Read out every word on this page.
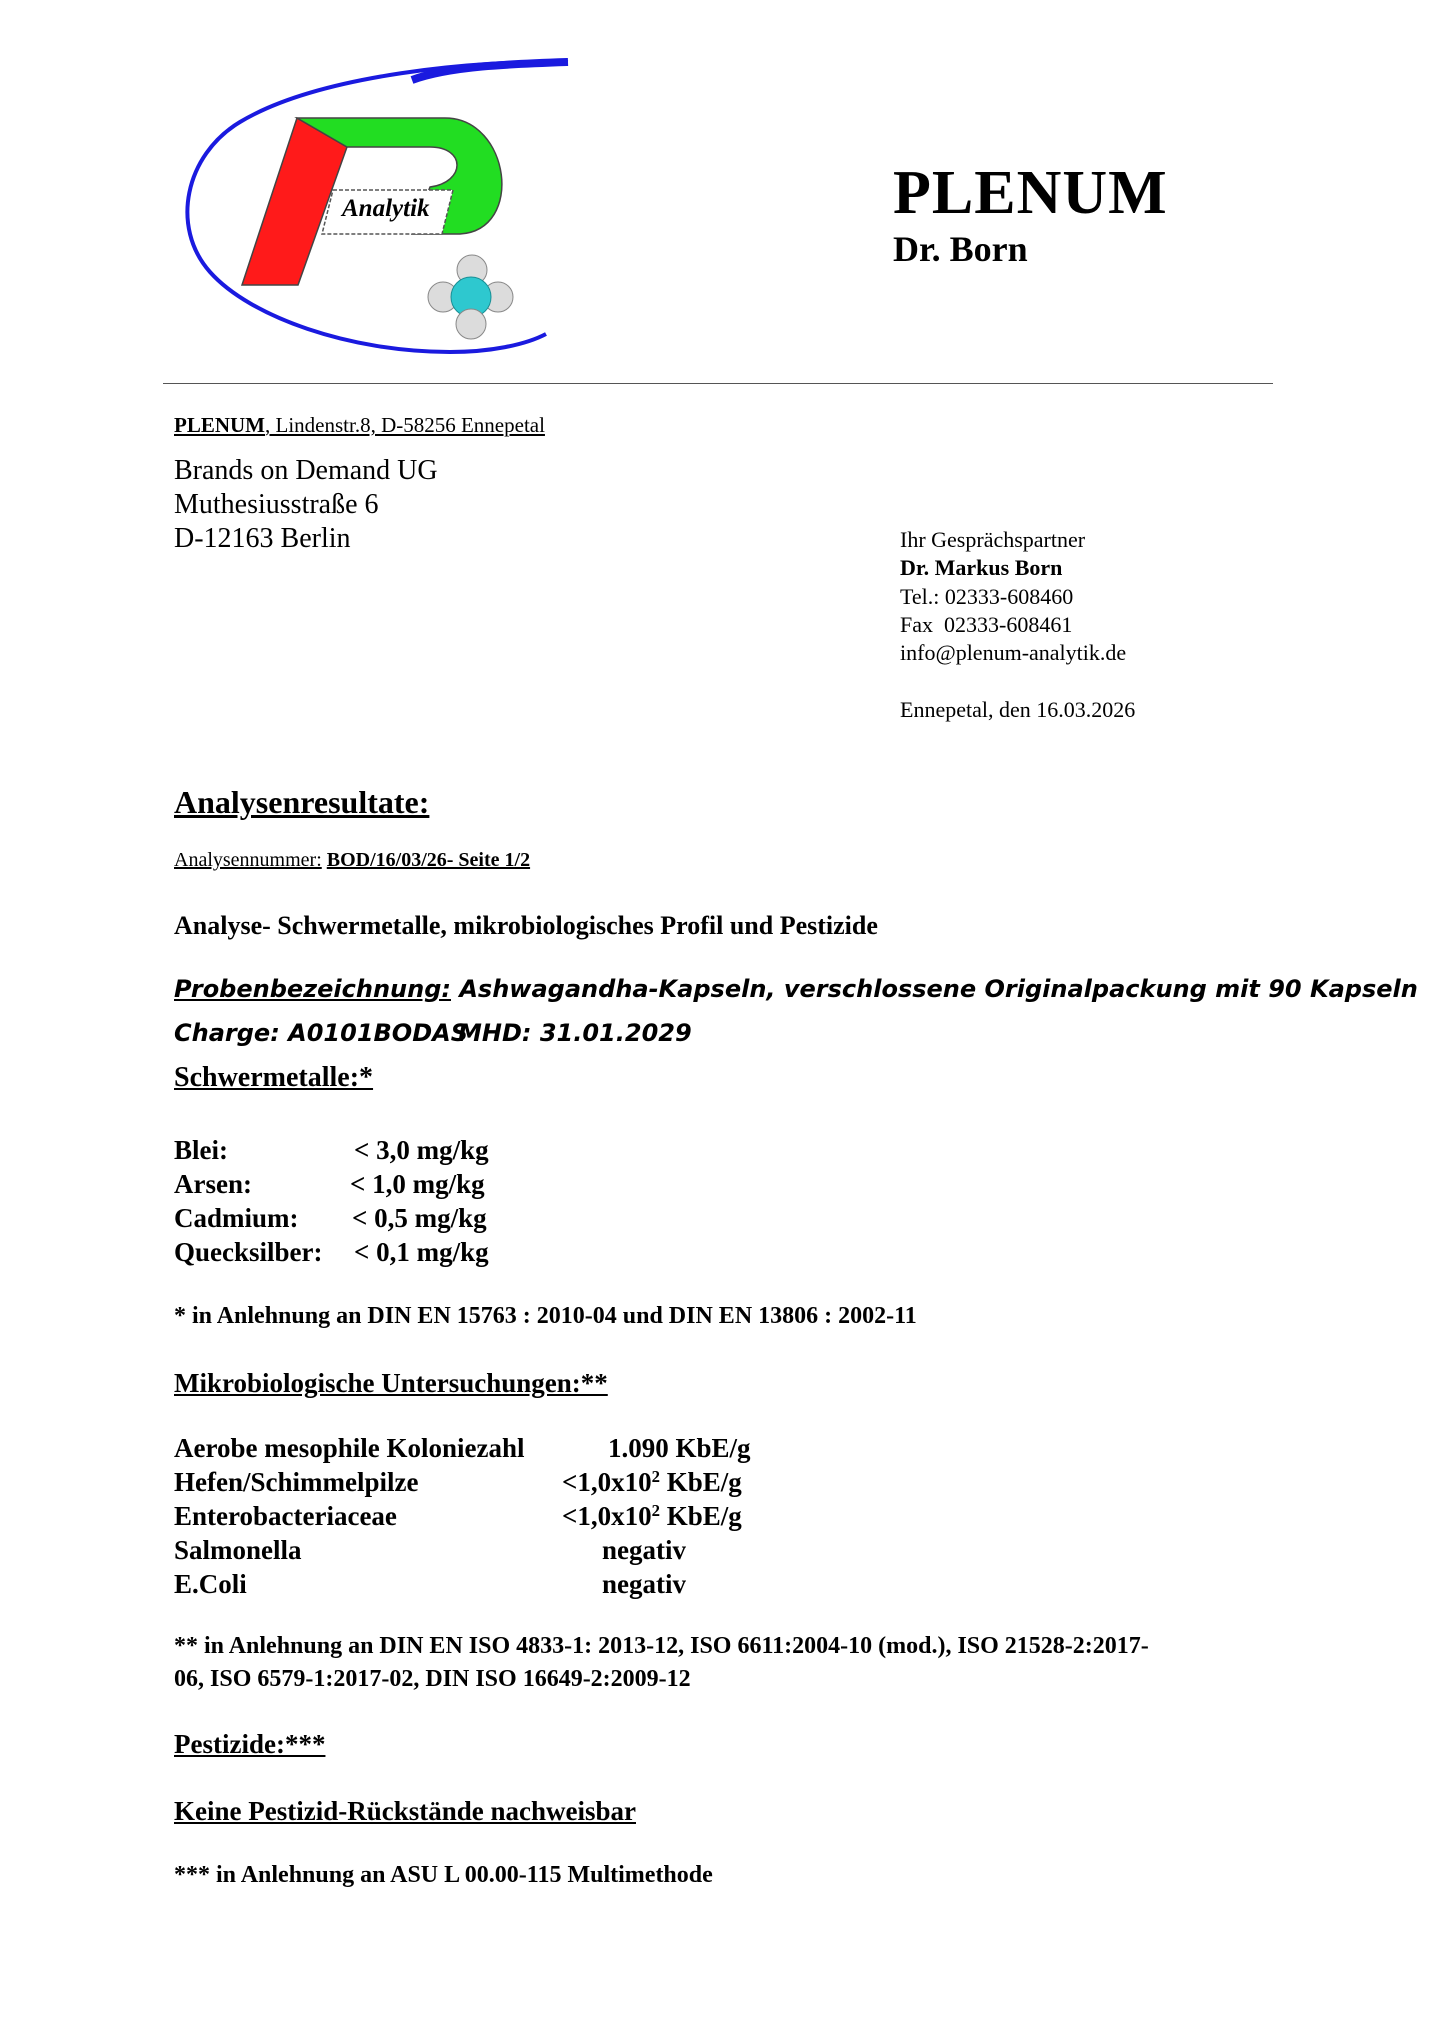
Analytik	PLENUM
Dr. Born
PLENUM, Lindenstr.8, D-58256 Ennepetal
Brands on Demand UG
Muthesiusstraße 6
D-12163 Berlin	Ihr Gesprächspartner
Dr. Markus Born
Tel.: 02333-608460
Fax  02333-608461
info@plenum-analytik.de
Ennepetal, den 16.03.2026
Analysenresultate:
Analysennummer: BOD/16/03/26- Seite 1/2
Analyse- Schwermetalle, mikrobiologisches Profil und Pestizide
Probenbezeichnung: Ashwagandha-Kapseln, verschlossene Originalpackung mit 90 Kapseln
Charge: A0101BODAS
MHD: 31.01.2029
Schwermetalle:*
Blei:	< 3,0 mg/kg
Arsen:	< 1,0 mg/kg
Cadmium: < 0,5 mg/kg
Quecksilber: < 0,1 mg/kg
* in Anlehnung an DIN EN 15763 : 2010-04 und DIN EN 13806 : 2002-11
Mikrobiologische Untersuchungen:**
Aerobe mesophile Koloniezahl	1.090 KbE/g
Hefen/Schimmelpilze	$<1,0x10^2$ KbE/g
Enterobacteriaceae	$<1,0x10^2$ KbE/g
Salmonella	negativ
E.Coli	negativ
** in Anlehnung an DIN EN ISO 4833-1: 2013-12, ISO 6611:2004-10 (mod.), ISO 21528-2:2017-
06, ISO 6579-1:2017-02, DIN ISO 16649-2:2009-12
Pestizide:***
Keine Pestizid-Rückstände nachweisbar
*** in Anlehnung an ASU L 00.00-115 Multimethode
